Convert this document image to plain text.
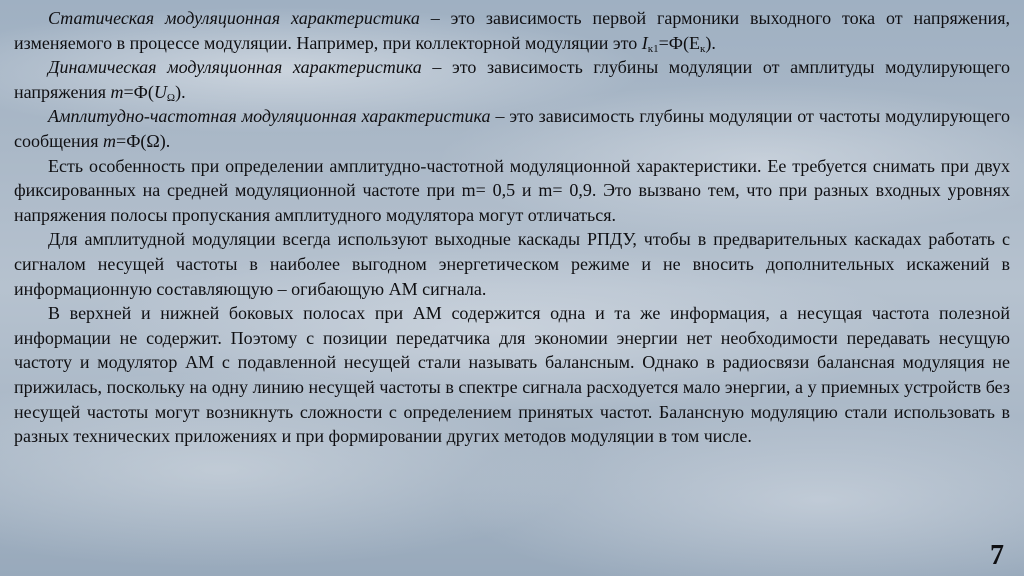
Статическая модуляционная характеристика – это зависимость первой гармоники выходного тока от напряжения, изменяемого в процессе модуляции. Например, при коллекторной модуляции это $I_{к1}=Ф(Е_к)$.

Динамическая модуляционная характеристика – это зависимость глубины модуляции от амплитуды модулирующего напряжения $m=Ф(U_\Omega)$.

Амплитудно-частотная модуляционная характеристика – это зависимость глубины модуляции от частоты модулирующего сообщения m=Ф(Ω).

Есть особенность при определении амплитудно-частотной модуляционной характеристики. Ее требуется снимать при двух фиксированных на средней модуляционной частоте при m= 0,5 и m= 0,9. Это вызвано тем, что при разных входных уровнях напряжения полосы пропускания амплитудного модулятора могут отличаться.

Для амплитудной модуляции всегда используют выходные каскады РПДУ, чтобы в предварительных каскадах работать с сигналом несущей частоты в наиболее выгодном энергетическом режиме и не вносить дополнительных искажений в информационную составляющую – огибающую АМ сигнала.

В верхней и нижней боковых полосах при АМ содержится одна и та же информация, а несущая частота полезной информации не содержит. Поэтому с позиции передатчика для экономии энергии нет необходимости передавать несущую частоту и модулятор АМ с подавленной несущей стали называть балансным. Однако в радиосвязи балансная модуляция не прижилась, поскольку на одну линию несущей частоты в спектре сигнала расходуется мало энергии, а у приемных устройств без несущей частоты могут возникнуть сложности с определением принятых частот. Балансную модуляцию стали использовать в разных технических приложениях и при формировании других методов модуляции в том числе.

7
